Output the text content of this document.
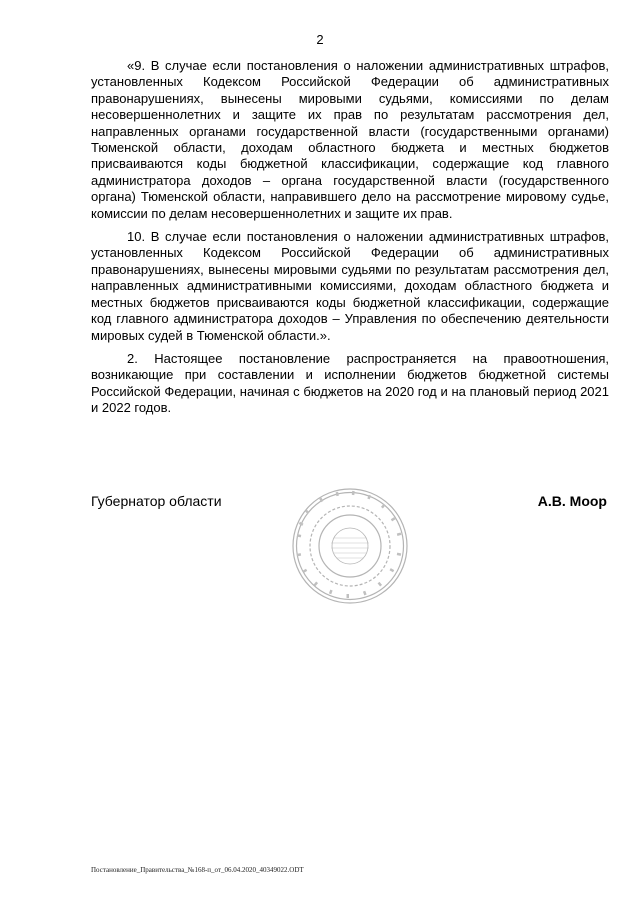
2

«9. В случае если постановления о наложении административных штрафов, установленных Кодексом Российской Федерации об административных правонарушениях, вынесены мировыми судьями, комиссиями по делам несовершеннолетних и защите их прав по результатам рассмотрения дел, направленных органами государственной власти (государственными органами) Тюменской области, доходам областного бюджета и местных бюджетов присваиваются коды бюджетной классификации, содержащие код главного администратора доходов – органа государственной власти (государственного органа) Тюменской области, направившего дело на рассмотрение мировому судье, комиссии по делам несовершеннолетних и защите их прав.

10. В случае если постановления о наложении административных штрафов, установленных Кодексом Российской Федерации об административных правонарушениях, вынесены мировыми судьями по результатам рассмотрения дел, направленных административными комиссиями, доходам областного бюджета и местных бюджетов присваиваются коды бюджетной классификации, содержащие код главного администратора доходов – Управления по обеспечению деятельности мировых судей в Тюменской области.».

2. Настоящее постановление распространяется на правоотношения, возникающие при составлении и исполнении бюджетов бюджетной системы Российской Федерации, начиная с бюджетов на 2020 год и на плановый период 2021 и 2022 годов.

Губернатор области	А.В. Моор
Постановление_Правительства_№168-п_от_06.04.2020_40349022.ODT
